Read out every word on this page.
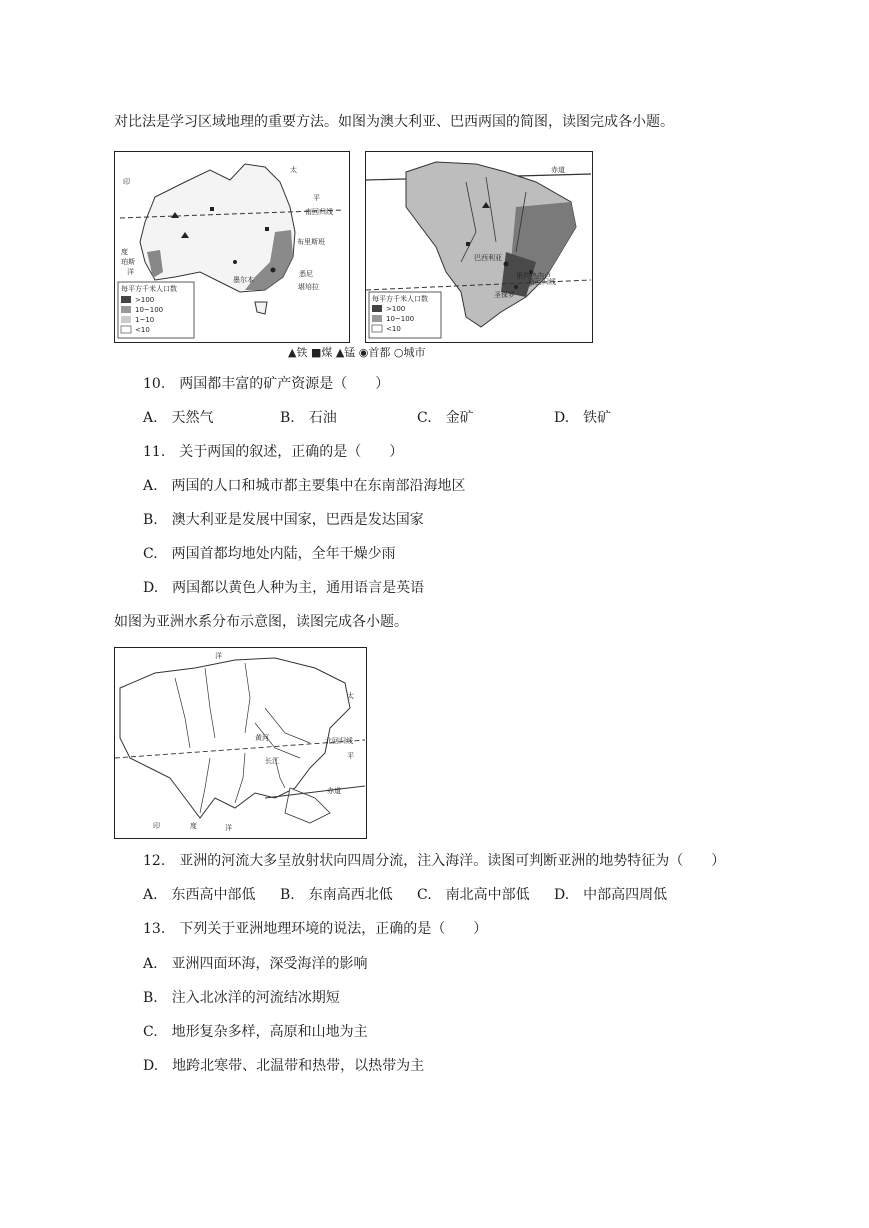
对比法是学习区域地理的重要方法。如图为澳大利亚、巴西两国的简图，读图完成各小题。
印
太
平
南回归线
布里斯班
悉尼
堪培拉
墨尔本
度
珀斯
洋
每平方千米人口数
>100
10~100
1~10
<10
赤道
南回归线
巴西利亚
里约热内卢
圣保罗
每平方千米人口数
>100
10~100
<10
▲铁 ■煤 ▲锰 ◉首都 ○城市
10.　两国都丰富的矿产资源是（　　）
A.　天然气	B.　石油	C.　金矿	D.　铁矿
11.　关于两国的叙述，正确的是（　　）
A.　两国的人口和城市都主要集中在东南部沿海地区
B.　澳大利亚是发展中国家，巴西是发达国家
C.　两国首都均地处内陆，全年干燥少雨
D.　两国都以黄色人种为主，通用语言是英语
如图为亚洲水系分布示意图，读图完成各小题。
洋
太
北回归线
平
赤道
印	度	洋
长江
黄河
12.　亚洲的河流大多呈放射状向四周分流，注入海洋。读图可判断亚洲的地势特征为（　　）
A.　东西高中部低 B.　东南高西北低 C.　南北高中部低 D.　中部高四周低
13.　下列关于亚洲地理环境的说法，正确的是（　　）
A.　亚洲四面环海，深受海洋的影响
B.　注入北冰洋的河流结冰期短
C.　地形复杂多样，高原和山地为主
D.　地跨北寒带、北温带和热带，以热带为主
